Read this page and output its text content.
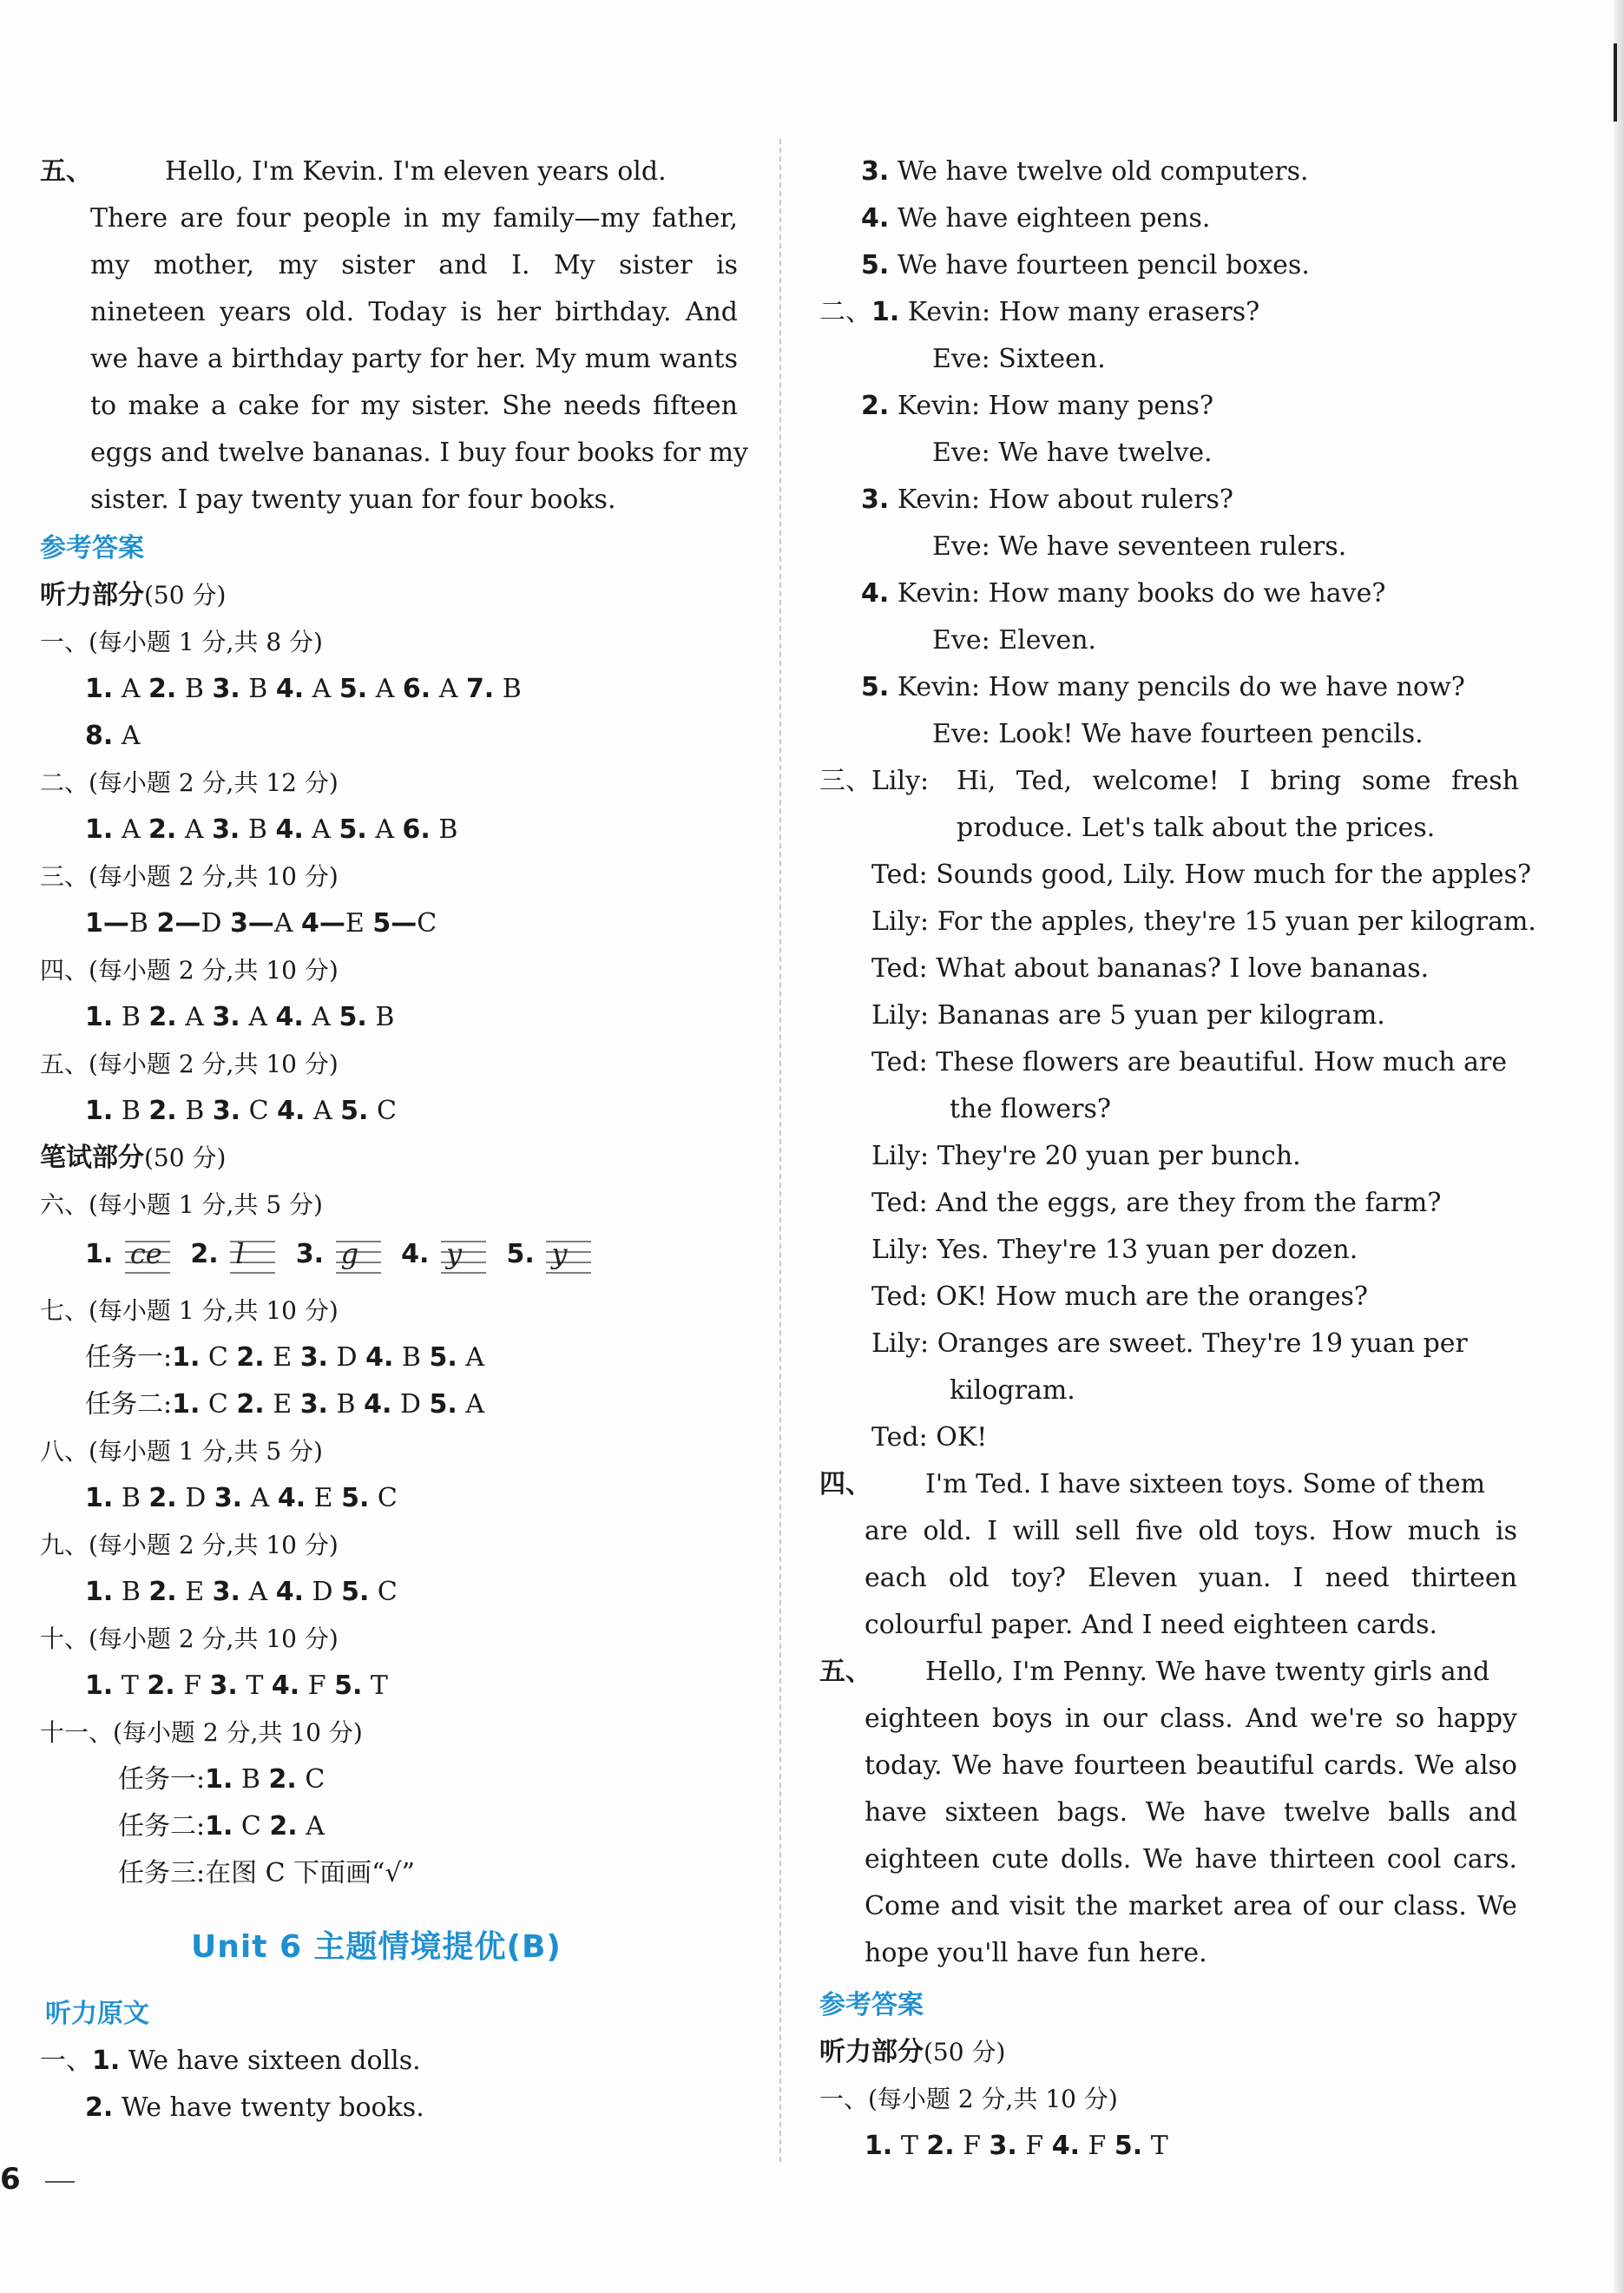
五、	Hello, I'm Kevin. I'm eleven years old.
There are four people in my family—my father,
my mother, my sister and I. My sister is
nineteen years old. Today is her birthday. And
we have a birthday party for her. My mum wants
to make a cake for my sister. She needs fifteen
eggs and twelve bananas. I buy four books for my
sister. I pay twenty yuan for four books.
参考答案
听力部分(50 分)
一、(每小题 1 分,共 8 分)
1. A 2. B 3. B 4. A 5. A 6. A 7. B
8. A
二、(每小题 2 分,共 12 分)
1. A 2. A 3. B 4. A 5. A 6. B
三、(每小题 2 分,共 10 分)
1—B 2—D 3—A 4—E 5—C
四、(每小题 2 分,共 10 分)
1. B 2. A 3. A 4. A 5. B
五、(每小题 2 分,共 10 分)
1. B 2. B 3. C 4. A 5. C
笔试部分(50 分)
六、(每小题 1 分,共 5 分)
1. ce 2. l 3. g 4. y 5. y
七、(每小题 1 分,共 10 分)
任务一:1. C 2. E 3. D 4. B 5. A
任务二:1. C 2. E 3. B 4. D 5. A
八、(每小题 1 分,共 5 分)
1. B 2. D 3. A 4. E 5. C
九、(每小题 2 分,共 10 分)
1. B 2. E 3. A 4. D 5. C
十、(每小题 2 分,共 10 分)
1. T 2. F 3. T 4. F 5. T
十一、(每小题 2 分,共 10 分)
任务一:1. B 2. C
任务二:1. C 2. A
任务三:在图 C 下面画“√”
Unit 6 主题情境提优(B)
听力原文
一、1. We have sixteen dolls.
2. We have twenty books.
3. We have twelve old computers.
4. We have eighteen pens.
5. We have fourteen pencil boxes.
二、1. Kevin: How many erasers?
Eve: Sixteen.
2. Kevin: How many pens?
Eve: We have twelve.
3. Kevin: How about rulers?
Eve: We have seventeen rulers.
4. Kevin: How many books do we have?
Eve: Eleven.
5. Kevin: How many pencils do we have now?
Eve: Look! We have fourteen pencils.
三、Lily: Hi, Ted, welcome! I bring some fresh
produce. Let's talk about the prices.
Ted: Sounds good, Lily. How much for the apples?
Lily: For the apples, they're 15 yuan per kilogram.
Ted: What about bananas? I love bananas.
Lily: Bananas are 5 yuan per kilogram.
Ted: These flowers are beautiful. How much are
the flowers?
Lily: They're 20 yuan per bunch.
Ted: And the eggs, are they from the farm?
Lily: Yes. They're 13 yuan per dozen.
Ted: OK! How much are the oranges?
Lily: Oranges are sweet. They're 19 yuan per
kilogram.
Ted: OK!
四、 I'm Ted. I have sixteen toys. Some of them
are old. I will sell five old toys. How much is
each old toy? Eleven yuan. I need thirteen
colourful paper. And I need eighteen cards.
五、 Hello, I'm Penny. We have twenty girls and
eighteen boys in our class. And we're so happy
today. We have fourteen beautiful cards. We also
have sixteen bags. We have twelve balls and
eighteen cute dolls. We have thirteen cool cars.
Come and visit the market area of our class. We
hope you'll have fun here.
参考答案
听力部分(50 分)
一、(每小题 2 分,共 10 分)
1. T 2. F 3. F 4. F 5. T
6
